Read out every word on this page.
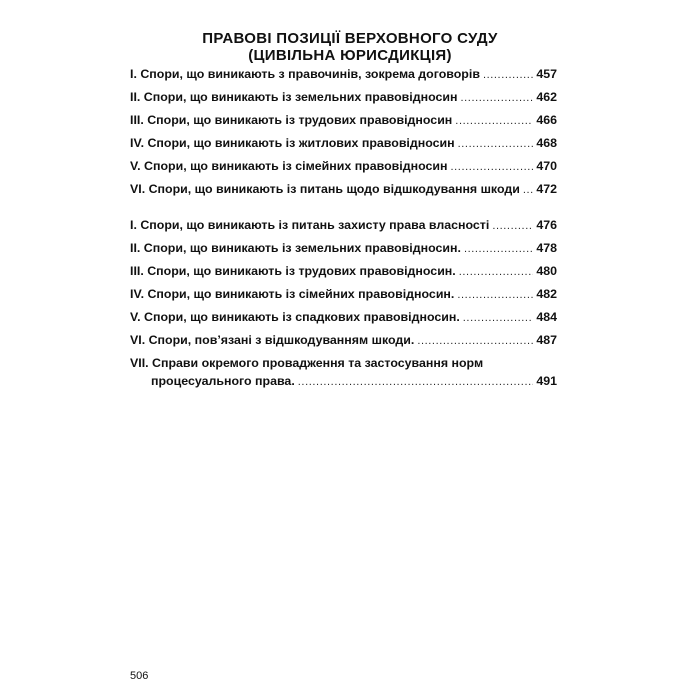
ПРАВОВІ ПОЗИЦІЇ ВЕРХОВНОГО СУДУ
(ЦИВІЛЬНА ЮРИСДИКЦІЯ)
I. Спори, що виникають з правочинів, зокрема договорів .....	457
II. Спори, що виникають із земельних правовідносин .....	462
III. Спори, що виникають із трудових правовідносин .....	466
IV. Спори, що виникають із житлових правовідносин .....	468
V. Спори, що виникають із сімейних правовідносин .....	470
VI. Спори, що виникають із питань щодо відшкодування шкоди ..... 472
I. Спори, що виникають із питань захисту права власності .....	476
II. Спори, що виникають із земельних правовідносин. .....	478
III. Спори, що виникають із трудових правовідносин. .....	480
IV. Спори, що виникають із сімейних правовідносин. .....	482
V. Спори, що виникають із спадкових правовідносин. .....	484
VI. Спори, пов’язані з відшкодуванням шкоди. .....	487
VII. Справи окремого провадження та застосування норм
процесуального права. .....	491
506
